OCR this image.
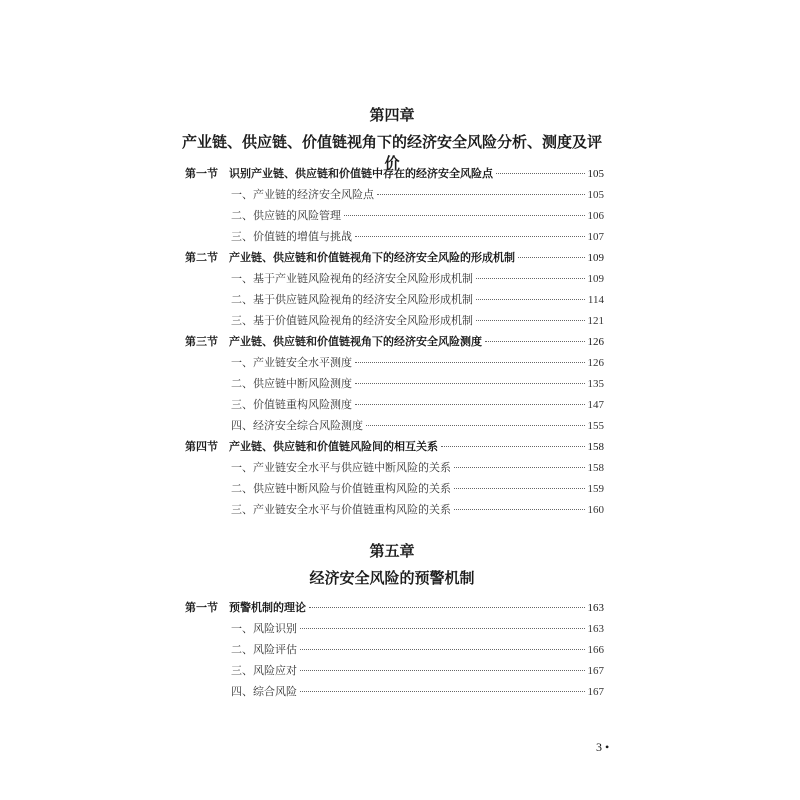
第四章
产业链、供应链、价值链视角下的经济安全风险分析、测度及评价
第一节	识别产业链、供应链和价值链中存在的经济安全风险点	105
一、产业链的经济安全风险点	105
二、供应链的风险管理	106
三、价值链的增值与挑战	107
第二节	产业链、供应链和价值链视角下的经济安全风险的形成机制	109
一、基于产业链风险视角的经济安全风险形成机制	109
二、基于供应链风险视角的经济安全风险形成机制	114
三、基于价值链风险视角的经济安全风险形成机制	121
第三节	产业链、供应链和价值链视角下的经济安全风险测度	126
一、产业链安全水平测度	126
二、供应链中断风险测度	135
三、价值链重构风险测度	147
四、经济安全综合风险测度	155
第四节	产业链、供应链和价值链风险间的相互关系	158
一、产业链安全水平与供应链中断风险的关系	158
二、供应链中断风险与价值链重构风险的关系	159
三、产业链安全水平与价值链重构风险的关系	160
第五章
经济安全风险的预警机制
第一节	预警机制的理论	163
一、风险识别	163
二、风险评估	166
三、风险应对	167
四、综合风险	167
3 •
